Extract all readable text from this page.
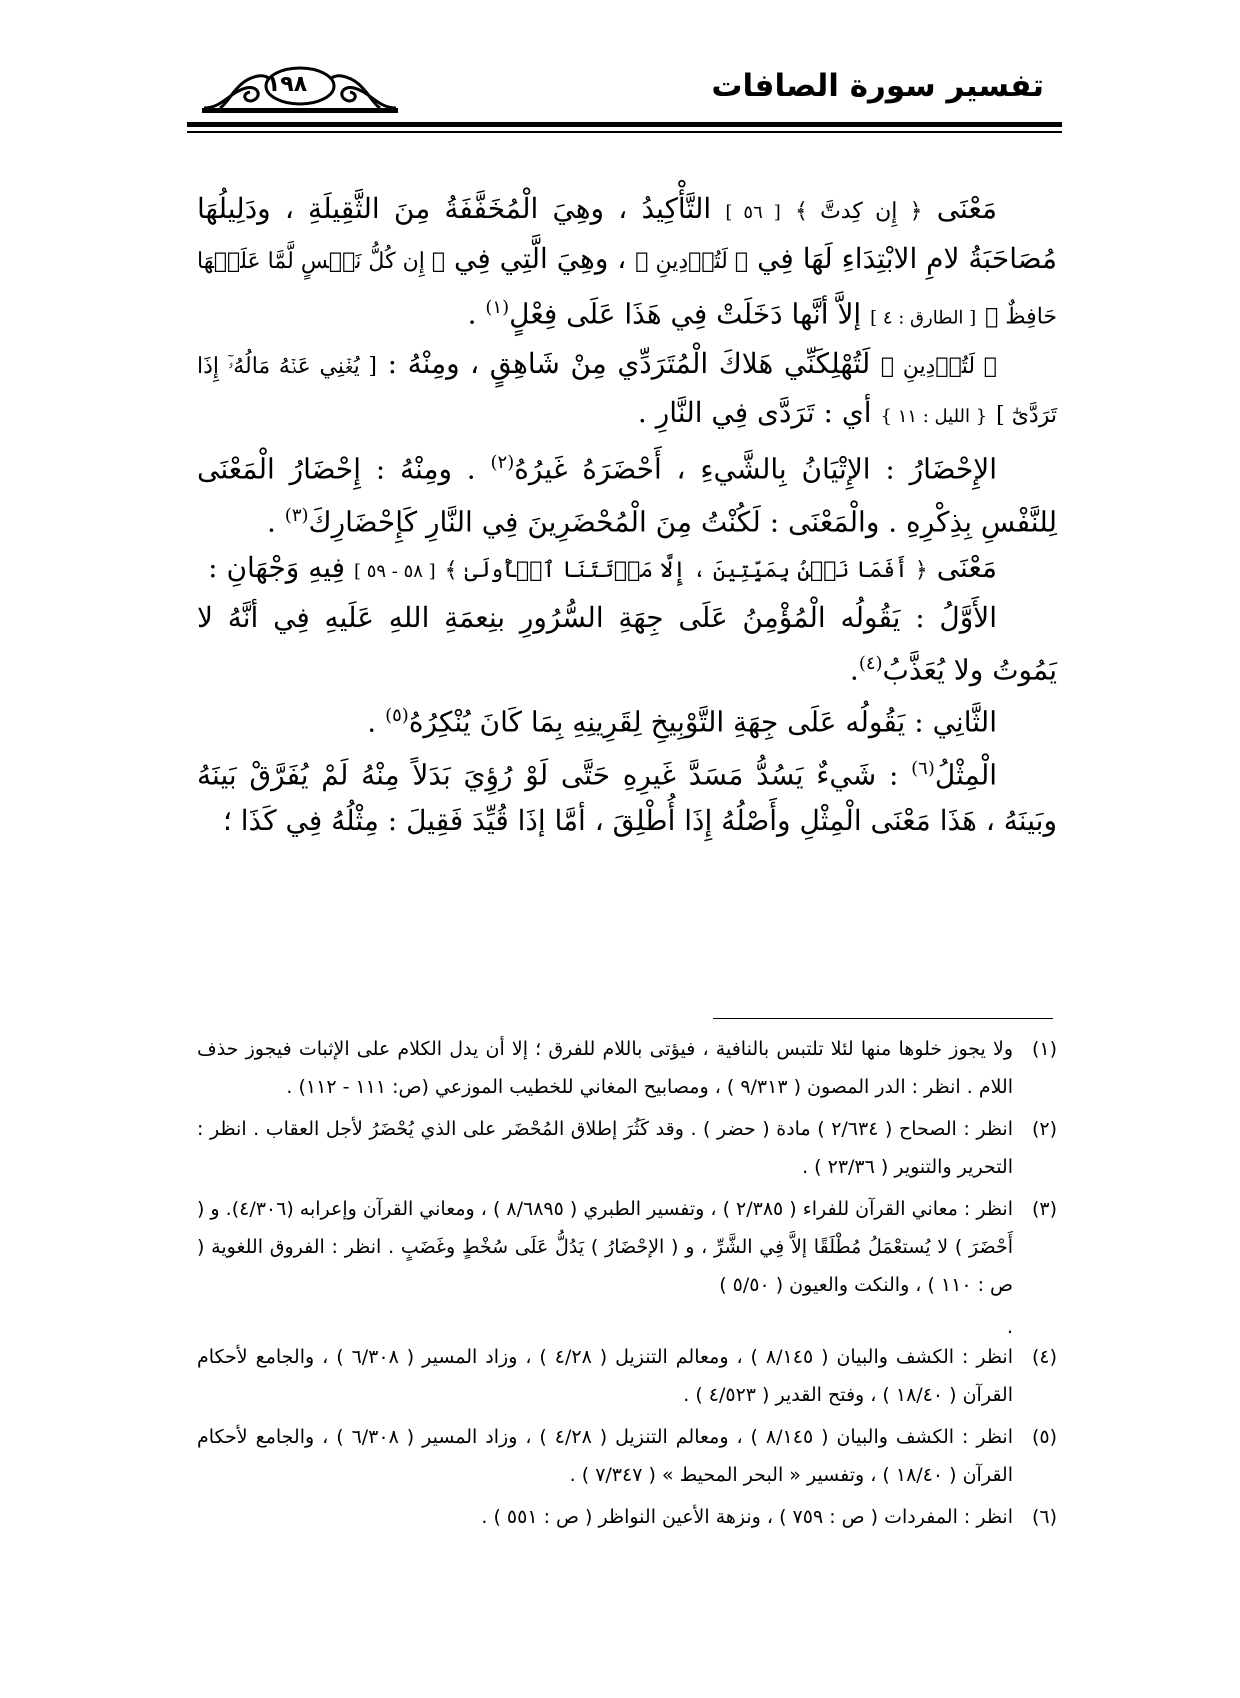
تفسير سورة الصافات
١٩٨

مَعْنَى ﴿ إِن كِدتَّ ﴾ [ ٥٦ ] التَّأْكِيدُ ، وهِيَ الْمُخَفَّفَةُ مِنَ الثَّقِيلَةِ ، ودَلِيلُهَا مُصَاحَبَةُ لامِ الابْتِدَاءِ لَهَا فِي ﴿ لَتُرۡدِينِ ﴾ ، وهِيَ الَّتِي فِي ﴿ إِن كُلُّ نَفۡسٍ لَّمَّا عَلَيۡهَا حَافِظٌ ﴾ [ الطارق : ٤ ] إلاَّ أنَّها دَخَلَتْ فِي هَذَا عَلَى فِعْلٍ$^{(١)}$ .

﴿ لَتُرۡدِينِ ﴾ لَتُهْلِكَنِّي هَلاكَ الْمُتَرَدِّي مِنْ شَاهِقٍ ، ومِنْهُ : [ يُغۡنِي عَنۡهُ مَالُهُۥٓ إِذَا تَرَدَّىٰٓ ] { الليل : ١١ } أي : تَرَدَّى فِي النَّارِ .

الإِحْضَارُ : الإِتْيَانُ بِالشَّيءِ ، أَحْضَرَهُ غَيرُهُ$^{(٢)}$ . ومِنْهُ : إِحْضَارُ الْمَعْنَى لِلنَّفْسِ بِذِكْرِهِ . والْمَعْنَى : لَكُنْتُ مِنَ الْمُحْضَرِينَ فِي النَّارِ كَإِحْضَارِكَ$^{(٣)}$ .

مَعْنَى ﴿ أَفَمَا نَحۡنُ بِمَيِّتِينَ ، إِلَّا مَوۡتَتَنَا ٱلۡأُولَىٰ ﴾ [ ٥٨ - ٥٩ ] فِيهِ وَجْهَانِ :

الأَوَّلُ : يَقُولُه الْمُؤْمِنُ عَلَى جِهَةِ السُّرُورِ بنِعمَةِ اللهِ عَلَيهِ فِي أنَّهُ لا يَمُوتُ ولا يُعَذَّبُ$^{(٤)}$.

الثَّانِي : يَقُولُه عَلَى جِهَةِ التَّوْبِيخِ لِقَرِينِهِ بِمَا كَانَ يُنْكِرُهُ$^{(٥)}$ .

الْمِثْلُ$^{(٦)}$ : شَيءٌ يَسُدُّ مَسَدَّ غَيرِهِ حَتَّى لَوْ رُؤِيَ بَدَلاً مِنْهُ لَمْ يُفَرَّقْ بَينَهُ وبَينَهُ ، هَذَا مَعْنَى الْمِثْلِ وأَصْلُهُ إِذَا أُطْلِقَ ، أمَّا إذَا قُيِّدَ فَقِيلَ : مِثْلُهُ فِي كَذَا ؛

(١)
ولا يجوز خلوها منها لئلا تلتبس بالنافية ، فيؤتى باللام للفرق ؛ إلا أن يدل الكلام على الإثبات فيجوز حذف اللام . انظر : الدر المصون ( ٩/٣١٣ ) ، ومصابيح المغاني للخطيب الموزعي (ص: ١١١ - ١١٢) .
(٢)
انظر : الصحاح ( ٢/٦٣٤ ) مادة ( حضر ) . وقد كَثُرَ إطلاق المُحْضَر على الذي يُحْضَرُ لأجل العقاب . انظر : التحرير والتنوير ( ٢٣/٣٦ ) .
(٣)
انظر : معاني القرآن للفراء ( ٢/٣٨٥ ) ، وتفسير الطبري ( ٨/٦٨٩٥ ) ، ومعاني القرآن وإعرابه (٤/٣٠٦). و ( أَحْضَرَ ) لا يُستعْمَلُ مُطْلَقًا إلاَّ فِي الشَّرِّ ، و ( الإحْضَارُ ) يَدُلُّ عَلَى سُخْطٍ وغَضَبٍ . انظر : الفروق اللغوية ( ص : ١١٠ ) ، والنكت والعيون ( ٥/٥٠ )
.
(٤)
انظر : الكشف والبيان ( ٨/١٤٥ ) ، ومعالم التنزيل ( ٤/٢٨ ) ، وزاد المسير ( ٦/٣٠٨ ) ، والجامع لأحكام القرآن ( ١٨/٤٠ ) ، وفتح القدير ( ٤/٥٢٣ ) .
(٥)
انظر : الكشف والبيان ( ٨/١٤٥ ) ، ومعالم التنزيل ( ٤/٢٨ ) ، وزاد المسير ( ٦/٣٠٨ ) ، والجامع لأحكام القرآن ( ١٨/٤٠ ) ، وتفسير « البحر المحيط » ( ٧/٣٤٧ ) .
(٦)
انظر : المفردات ( ص : ٧٥٩ ) ، ونزهة الأعين النواظر ( ص : ٥٥١ ) .
